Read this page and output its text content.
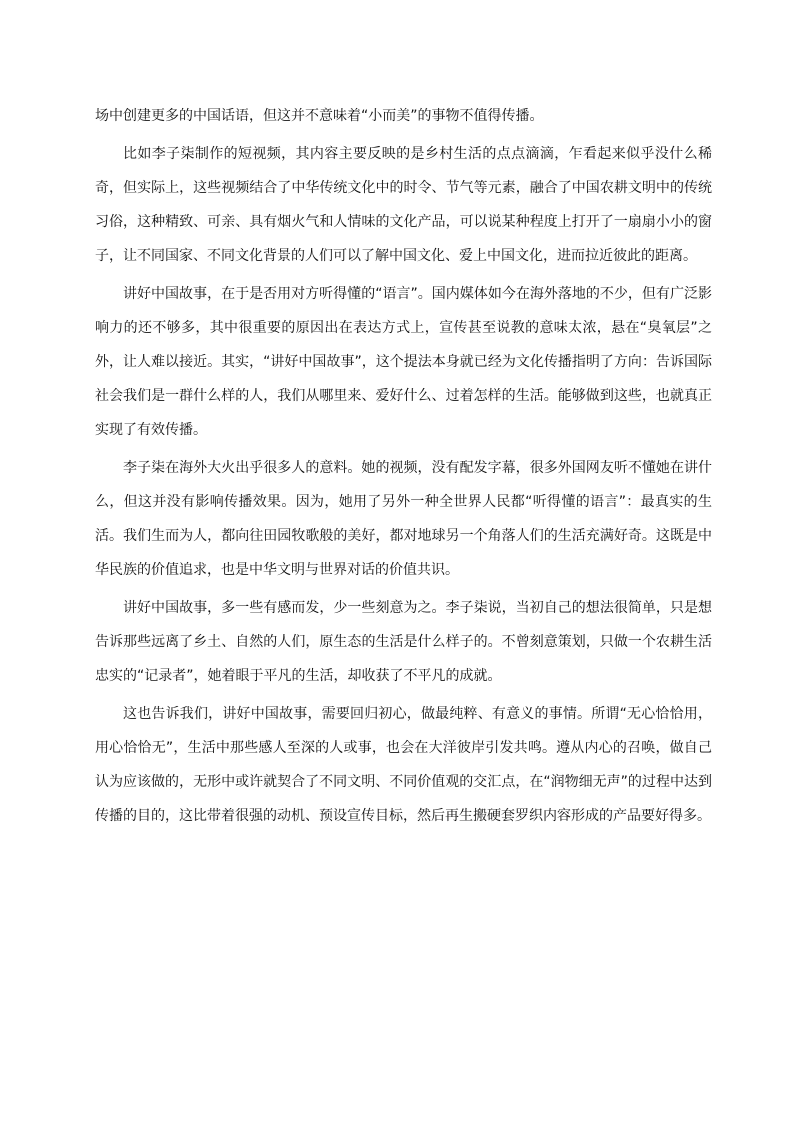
场中创建更多的中国话语，但这并不意味着“小而美”的事物不值得传播。

比如李子柒制作的短视频，其内容主要反映的是乡村生活的点点滴滴，乍看起来似乎没什么稀奇，但实际上，这些视频结合了中华传统文化中的时令、节气等元素，融合了中国农耕文明中的传统习俗，这种精致、可亲、具有烟火气和人情味的文化产品，可以说某种程度上打开了一扇扇小小的窗子，让不同国家、不同文化背景的人们可以了解中国文化、爱上中国文化，进而拉近彼此的距离。

讲好中国故事，在于是否用对方听得懂的“语言”。国内媒体如今在海外落地的不少，但有广泛影响力的还不够多，其中很重要的原因出在表达方式上，宣传甚至说教的意味太浓，悬在“臭氧层”之外，让人难以接近。其实，“讲好中国故事”，这个提法本身就已经为文化传播指明了方向：告诉国际社会我们是一群什么样的人，我们从哪里来、爱好什么、过着怎样的生活。能够做到这些，也就真正实现了有效传播。

李子柒在海外大火出乎很多人的意料。她的视频，没有配发字幕，很多外国网友听不懂她在讲什么，但这并没有影响传播效果。因为，她用了另外一种全世界人民都“听得懂的语言”：最真实的生活。我们生而为人，都向往田园牧歌般的美好，都对地球另一个角落人们的生活充满好奇。这既是中华民族的价值追求，也是中华文明与世界对话的价值共识。

讲好中国故事，多一些有感而发，少一些刻意为之。李子柒说，当初自己的想法很简单，只是想告诉那些远离了乡土、自然的人们，原生态的生活是什么样子的。不曾刻意策划，只做一个农耕生活忠实的“记录者”，她着眼于平凡的生活，却收获了不平凡的成就。

这也告诉我们，讲好中国故事，需要回归初心，做最纯粹、有意义的事情。所谓“无心恰恰用，用心恰恰无”，生活中那些感人至深的人或事，也会在大洋彼岸引发共鸣。遵从内心的召唤，做自己认为应该做的，无形中或许就契合了不同文明、不同价值观的交汇点，在“润物细无声”的过程中达到传播的目的，这比带着很强的动机、预设宣传目标，然后再生搬硬套罗织内容形成的产品要好得多。
